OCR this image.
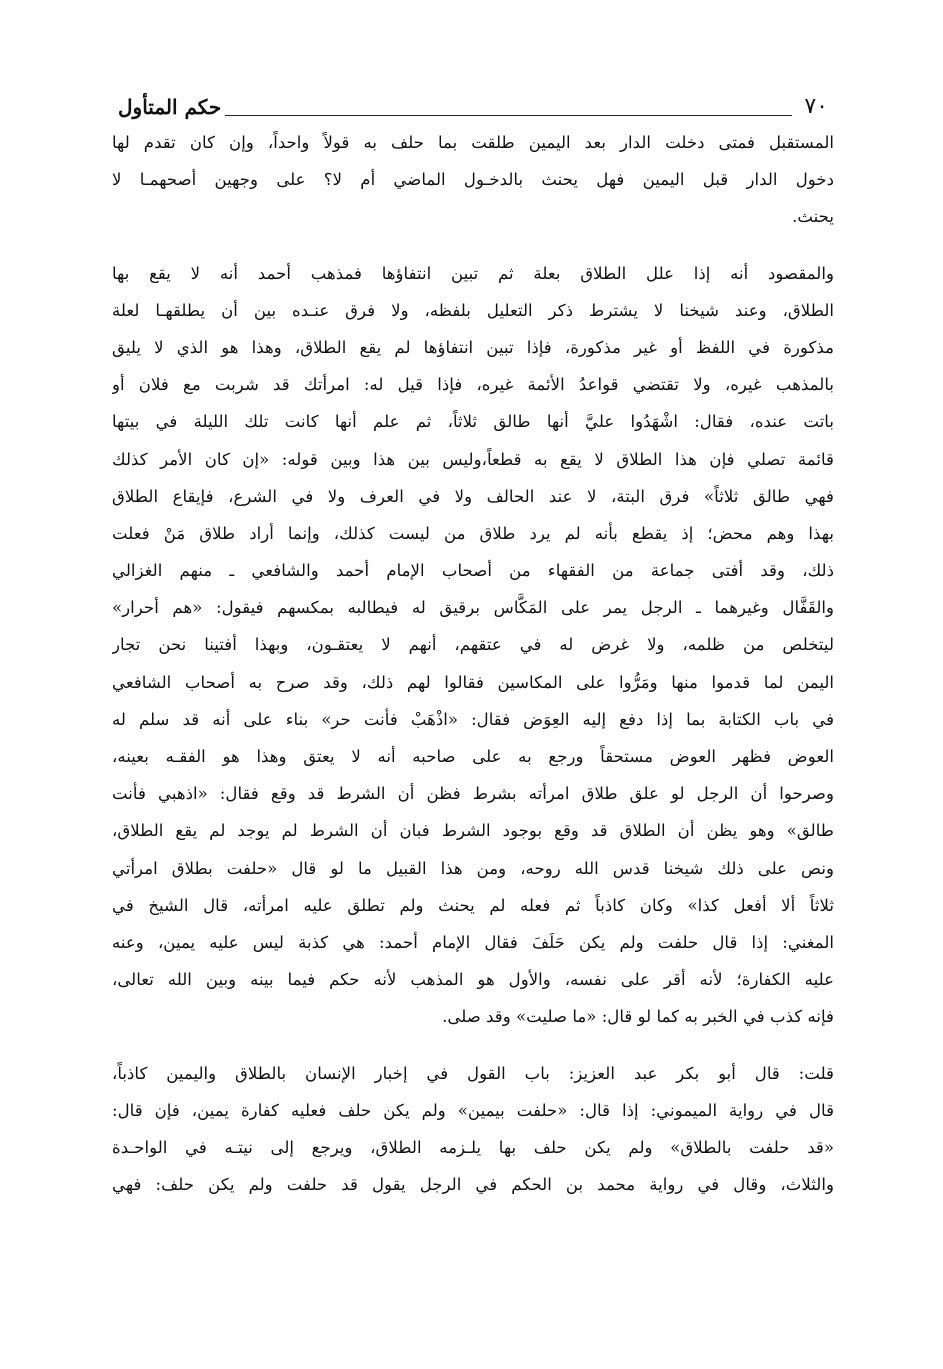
٧٠
حكم المتأول
المستقبل فمتى دخلت الدار بعد اليمين طلقت بما حلف به قولاً واحداً، وإن كان تقدم لها
دخول الدار قبل اليمين فهل يحنث بالدخـول الماضي أم لا؟ على وجهين أصحهمـا لا
يحنث.
والمقصود أنه إذا علل الطلاق بعلة ثم تبين انتفاؤها فمذهب أحمد أنه لا يقع بها
الطلاق، وعند شيخنا لا يشترط ذكر التعليل بلفظه، ولا فرق عنـده بين أن يطلقهـا لعلة
مذكورة في اللفظ أو غير مذكورة، فإذا تبين انتفاؤها لم يقع الطلاق، وهذا هو الذي لا يليق
بالمذهب غيره، ولا تقتضي قواعدُ الأئمة غيره، فإذا قيل له: امرأتك قد شربت مع فلان أو
باتت عنده، فقال: اشْهَدُوا عليَّ أنها طالق ثلاثاً، ثم علم أنها كانت تلك الليلة في بيتها
قائمة تصلي فإن هذا الطلاق لا يقع به قطعاً،وليس بين هذا وبين قوله: «إن كان الأمر كذلك
فهي طالق ثلاثاً» فرق البتة، لا عند الحالف ولا في العرف ولا في الشرع، فإيقاع الطلاق
بهذا وهم محض؛ إذ يقطع بأنه لم يرد طلاق من ليست كذلك، وإنما أراد طلاق مَنْ فعلت
ذلك، وقد أفتى جماعة من الفقهاء من أصحاب الإمام أحمد والشافعي ـ منهم الغزالي
والقَفَّال وغيرهما ـ الرجل يمر على المَكَّاس برقيق له فيطالبه بمكسهم فيقول: «هم أحرار»
ليتخلص من ظلمه، ولا غرض له في عتقهم، أنهم لا يعتقـون، وبهذا أفتينا نحن تجار
اليمن لما قدموا منها ومَرُّوا على المكاسين فقالوا لهم ذلك، وقد صرح به أصحاب الشافعي
في باب الكتابة بما إذا دفع إليه العِوَض فقال: «اذْهَبْ فأنت حر» بناء على أنه قد سلم له
العوض فظهر العوض مستحقاً ورجع به على صاحبه أنه لا يعتق وهذا هو الفقـه بعينه،
وصرحوا أن الرجل لو علق طلاق امرأته بشرط فظن أن الشرط قد وقع فقال: «اذهبي فأنت
طالق» وهو يظن أن الطلاق قد وقع بوجود الشرط فبان أن الشرط لم يوجد لم يقع الطلاق،
ونص على ذلك شيخنا قدس الله روحه، ومن هذا القبيل ما لو قال «حلفت بطلاق امرأتي
ثلاثاً ألا أفعل كذا» وكان كاذباً ثم فعله لم يحنث ولم تطلق عليه امرأته، قال الشيخ في
المغني: إذا قال حلفت ولم يكن حَلَفَ فقال الإمام أحمد: هي كذبة ليس عليه يمين، وعنه
عليه الكفارة؛ لأنه أقر على نفسه، والأول هو المذهب لأنه حكم فيما بينه وبين الله تعالى،
فإنه كذب في الخبر به كما لو قال: «ما صليت» وقد صلى.
قلت: قال أبو بكر عبد العزيز: باب القول في إخبار الإنسان بالطلاق واليمين كاذباً،
قال في رواية الميموني: إذا قال: «حلفت بيمين» ولم يكن حلف فعليه كفارة يمين، فإن قال:
«قد حلفت بالطلاق» ولم يكن حلف بها يلـزمه الطلاق، ويرجع إلى نيتـه في الواحـدة
والثلاث، وقال في رواية محمد بن الحكم في الرجل يقول قد حلفت ولم يكن حلف: فهي
